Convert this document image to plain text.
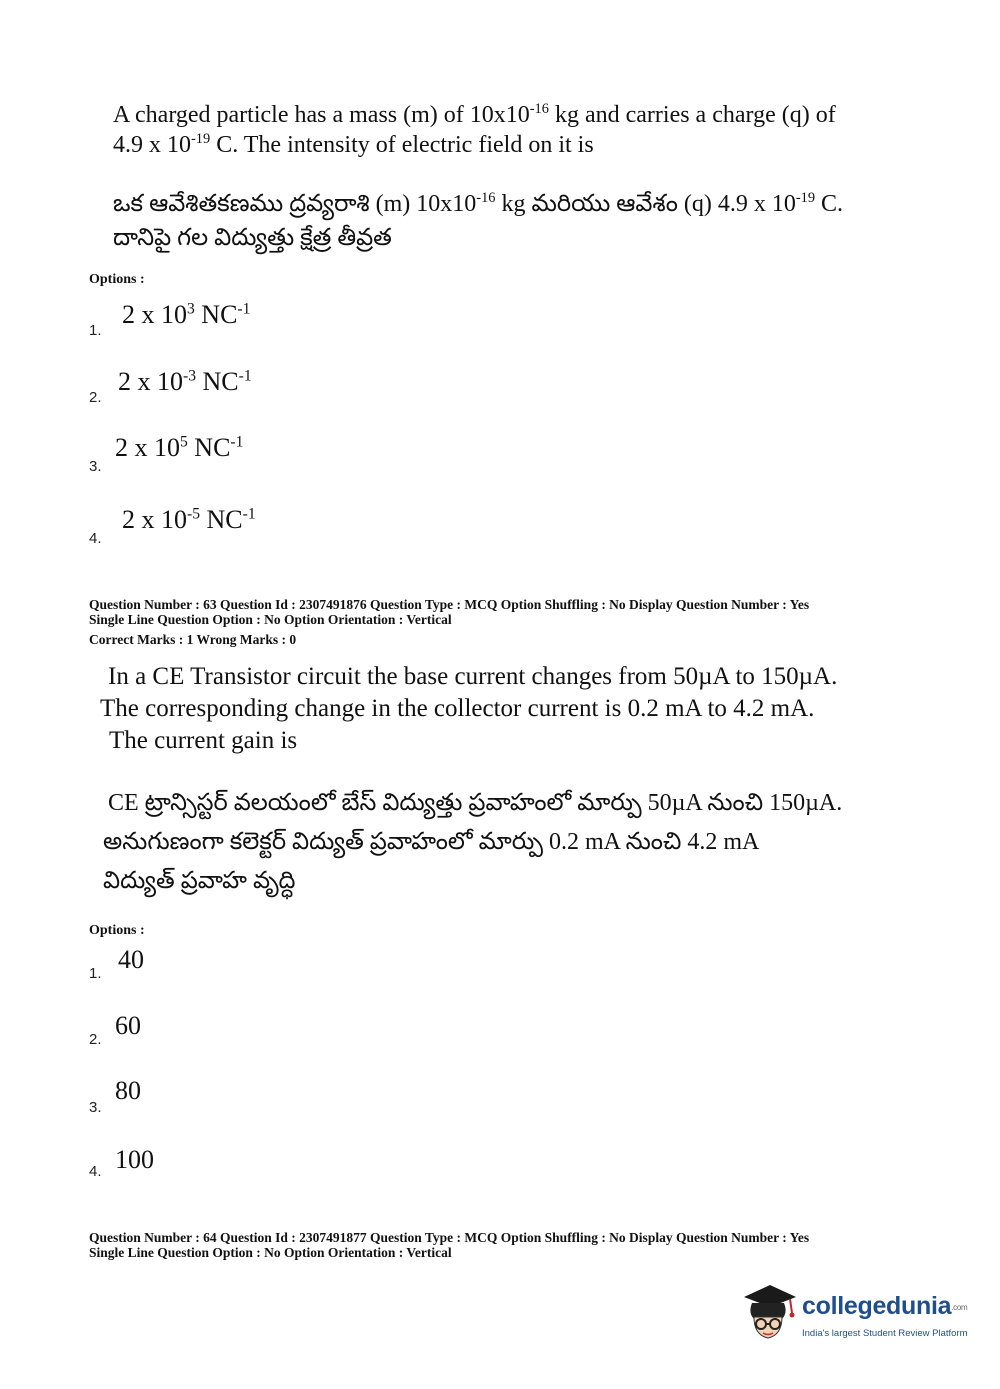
A charged particle has a mass (m) of $10x10^{-16}$ kg and carries a charge (q) of
4.9 x $10^{-19}$ C. The intensity of electric field on it is
ఒక ఆవేశితకణము ద్రవ్యరాశి (m) $10x10^{-16}$ kg మరియు ఆవేశం (q) 4.9 x $10^{-19}$ C.
దానిపై గల విద్యుత్తు క్షేత్ర తీవ్రత
Options :
1.
2 x $10^3$ $NC^{-1}$
2.
2 x $10^{-3}$ $NC^{-1}$
3.
2 x $10^5$ $NC^{-1}$
4.
2 x $10^{-5}$ $NC^{-1}$
Question Number : 63 Question Id : 2307491876 Question Type : MCQ Option Shuffling : No Display Question Number : Yes
Single Line Question Option : No Option Orientation : Vertical
Correct Marks : 1 Wrong Marks : 0
In a CE Transistor circuit the base current changes from 50µA to 150µA.
The corresponding change in the collector current is 0.2 mA to 4.2 mA.
The current gain is
CE ట్రాన్సిస్టర్ వలయంలో బేస్ విద్యుత్తు ప్రవాహంలో మార్పు 50µA నుంచి 150µA.
అనుగుణంగా కలెక్టర్ విద్యుత్ ప్రవాహంలో మార్పు 0.2 mA నుంచి 4.2 mA
విద్యుత్ ప్రవాహ వృద్ధి
Options :
1. 40
2. 60
3.
80
4. 100
Question Number : 64 Question Id : 2307491877 Question Type : MCQ Option Shuffling : No Display Question Number : Yes
Single Line Question Option : No Option Orientation : Vertical
collegedunia.com
India's largest Student Review Platform
